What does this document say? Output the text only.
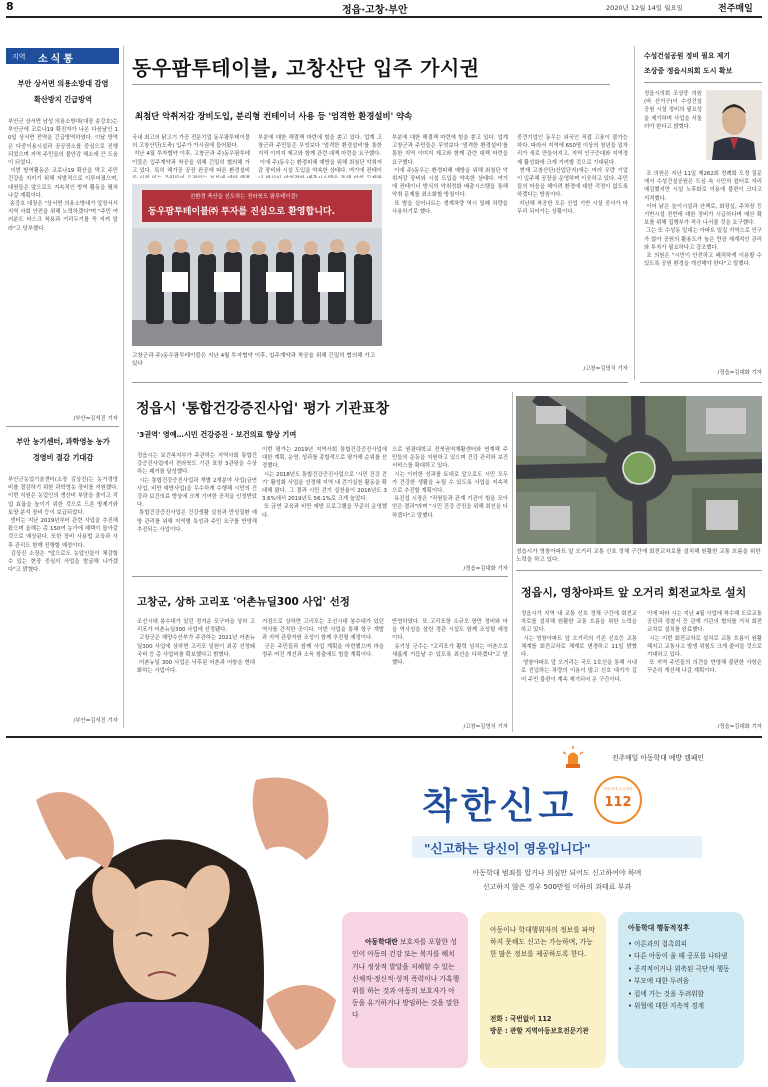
8	정읍·고창·부안	2020년 12월 14일 월요일	전주매일
지역 소식통
부안 상서면 의용소방대 감염 확산방지 긴급방역
부안군 상서면 남성 의용소방대(대장 송강호)는 부안군에 코로나19 확진자가 나온 다음날인 10일 상서면 전역을 긴급방역하였다. 이날 방역은 다중이용시설과 공공장소를 중심으로 진행되었으며 지역 주민들의 불안감 해소에 큰 도움이 되었다.
이번 방역활동은 코로나19 확산을 막고 주민 건강을 지키기 위해 자발적으로 이루어졌으며, 대원들은 앞으로도 지속적인 방역 활동을 펼쳐 나갈 계획이다.
송강호 대장은 "상서면 의용소방대가 앞장서서 지역 사회 안전을 위해 노력하겠다"며 "주민 여러분도 마스크 착용과 거리두기를 꼭 지켜 달라"고 당부했다.
/부안=김석진 기자
부안 농기센터, 과학영농 농가 경영비 절감 기대감
부안군농업기술센터(소장 김상진)는 농가경영비를 절감하기 위한 과학영농 장비를 지원했다. 이번 지원은 농업인의 생산비 부담을 줄이고 작업 효율을 높이기 위한 것으로 드론 방제기와 토양 분석 장비 등이 보급되었다.
센터는 지난 2019년부터 관련 사업을 추진해 왔으며 올해는 총 150여 농가에 혜택이 돌아갈 것으로 예상된다. 또한 장비 사용법 교육과 사후 관리도 함께 진행할 예정이다.
김상진 소장은 "앞으로도 농업인들이 체감할 수 있는 현장 중심의 사업을 발굴해 나가겠다"고 밝혔다.
/부안=김석진 기자
동우팜투테이블, 고창산단 입주 가시권
최첨단 악취저감 장비도입, 분리형 컨테이너 사용 등 '엄격한 환경설비' 약속
국내 최고의 닭고기 가공 전문기업 동우팜투테이블의 고창산단(도축) 입주가 가시권에 들어왔다.
지난 4월 투자협약 이후, 고창군과 주)동우팜투테이블은 입주계약과 착공을 위해 긴밀히 협의해 가고 있다. 특히 해가공 공장 완공에 따른 환경설비
친환경 축산을 선도하는 전라북도 팜투테이블!
동우팜투테이블㈜ 투자를 진심으로 환영합니다.
고창군과 주)동우팜투테이블은 지난 4월 투자협약 이후, 입주계약과 착공을 위해 긴밀히 협의해 가고 있다
부분에 대한 해결책 마련에 힘을 쏟고 있다. 업계 고창군과 주민들은 무엇보다 '엄격한 환경설비'를 통한 지역 이미지 제고와 함께 관련 대책 마련을 요구했다.
이에 주)동우는 환경피해 예방을 위해 최첨단 악취저감 장비와 시설 도입을 약속한 상태다. 여기에 컨테이

부분에 대한 해결책 마련에 힘을 쏟고 있다. 업계 고창군과 주민들은 무엇보다 '엄격한 환경설비'를 통한 지역 이미지 제고와 함께 관련 대책 마련을 요구했다.
이에 주)동우는 환경피해 예방을 위해 최첨단 악취저감 장비와 시설 도입을 약속한 상태다. 여기에 컨테이너 방식의 악취정화 배출시스템을 통해 악취 문제를 최소화할 방침이다.
또 밤을 실어나르는 생계차량 역시 밀폐 차량을 사용하기로 했다.
중견기업인 동우는 외국인 직접 고용이 불가능하다. 따라서 지역에 650명 이상의 청년들 일자리가 새로 만들어지고, 지역 인구증대와 지역경제 활성화에 크게 기여할 것으로 기대된다.
현재 고창산단(산업단지)에는 여러 우량 기업이 입주해 공장을 운영하며 이웃하고 있다. 주민들의 마음을 헤아려 환경에 대한 걱정이 없도록 하겠다는 방침이다.
지난해 착공한 모든 산업 기반 시설 공사가 마무리 되어가는 상황이다.
/고창=김영식 기자
수성건설공원 정비 필요 제기
조상중 정읍시의회 도시 확보
정읍시의회 조상중 의원(바 선거구)이 수성건설공원 시설 정비의 필요성을 제기하며 사업을 서둘러야 한다고 밝혔다.
조 의원은 지난 11일 제262회 정례회 도정 질문에서 수성건설공원은 도심 속 시민의 쉼터로 자리매김했지만 시설 노후화로 이용에 불편이 크다고 지적했다.
이어 낡은 놀이시설과 산책로, 화장실, 주차장 등 기반시설 전반에 대한 정비가 시급하다며 예산 확보를 위해 집행부가 적극 나서줄 것을 요구했다.
그는 또 수성동 일대는 아파트 밀집 지역으로 인구가 많아 공원의 활용도가 높은 만큼 체계적인 관리와 투자가 필요하다고 강조했다.
조 의원은 "시민이 안전하고 쾌적하게 이용할 수 있도록 공원 환경을 개선해야 한다"고 말했다.
/정읍=김대화 기자
정읍시 '통합건강증진사업' 평가 기관표창
'3권역' 영예…시민 건강증진 · 보건의료 향상 기여
정읍시는 보건복지부가 주관하는 지역사회 통합건강증진사업에서 전라북도 기관 표창 3관왕을 수상하는 쾌거를 달성했다.
시는 통합건강증진사업과 개별 2개분야 사업(금연사업, 비만 예방사업)을 우수하게 수행해 시민의 건강과 보건의료 향상에 크게 기여한 공적을 인정받았다.
통합건강증진사업은 건강생활 실천과 만성질환 예방 관리를 위해 지역별 특성과 주민 요구를 반영해 추진되는 사업이다.
이번 평가는 2019년 지역사회 통합건강증진사업에 대한 계획, 운영, 성과를 종합적으로 평가해 순위를 선정했다.
시는 2018년도 통합건강증진사업으로 '시민 건강 걷기' 활성화 사업을 선정해 지역 내 걷기실천 활동을 확대해 왔다. 그 결과 시민 걷기 실천율이 2016년도 33.6%에서 2019년도 56.1%로 크게 늘었다.
또 금연 교육과 비만 예방 프로그램을 꾸준히 운영했다.
으로 원광대학교 전북권역재활센터와 연계해 주민들의 운동을 지원하고 있으며 건강 관리와 보건서비스를 확대하고 있다.
시는 이러한 성과를 토대로 앞으로도 시민 모두가 건강한 생활을 누릴 수 있도록 사업을 지속적으로 추진할 계획이다.
유진섭 시장은 "직원들과 관계 기관이 힘을 모아 얻은 결과"라며 "시민 건강 증진을 위해 최선을 다하겠다"고 말했다.
/정읍=김대화 기자
정읍시가 영창아파트 앞 오거리 교통 신호 정체 구간에 회전교차로를 설치해 원활한 교통 흐름을 위한 노력을 하고 있다.
정읍시, 영창아파트 앞 오거리 회전교차로 설치
정읍시가 지역 내 교통 신호 정체 구간에 회전교차로를 설치해 원활한 교통 흐름을 위한 노력을 하고 있다.
시는 영창아파트 앞 오거리의 기존 신호등 교통체계를 회전교차로 체계로 변경하고 11일 밝혔다.
영창아파트 앞 오거리는 국도 1호선을 통해 시내로 진입하는 차량의 이용이 많고 신호 대기가 길어 주민 불편이 계속 제기되어 온 구간이다.
이에 따라 시는 지난 4월 사업에 착수해 도로교통공단과 경찰서 등 관계 기관의 협의를 거쳐 회전교차로 설치를 완료했다.
시는 이번 회전교차로 설치로 교통 흐름이 원활해지고 교통사고 발생 위험도 크게 줄어들 것으로 기대하고 있다.
또 지역 주민들의 의견을 반영해 불편한 사항은 꾸준히 개선해 나갈 계획이다.
/정읍=김대화 기자
고창군, 상하 고리포 '어촌뉴딜300 사업' 선정
조선시대 봉수대가 있던 정겨운 포구마을 상하 고리포가 어촌뉴딜300 사업에 선정됐다.
고창군은 해양수산부가 주관하는 2021년 어촌뉴딜300 사업에 상하면 고리포 일원이 최종 선정돼 국비 등 총 사업비를 확보했다고 밝혔다.
어촌뉴딜 300 사업은 낙후된 어촌과 어항을 현대화하는 사업이다.
거점으로 상하면 고리포는 조선시대 봉수대가 있던 역사를 간직한 곳이다. 이번 사업을 통해 항구 개발과 지역 관광자원 조성이 함께 추진될 예정이다.
군은 주민들과 함께 사업 계획을 마련했으며 마을 정주 여건 개선과 소득 창출에도 힘쓸 계획이다.
반영하였다. 또 고리포항 소규모 항만 정비와 마을 역사성을 살린 경관 시설도 함께 조성될 예정이다.
유기상 군수는 "고리포가 활력 넘치는 어촌으로 새롭게 거듭날 수 있도록 최선을 다하겠다"고 말했다.
/고창=김영식 기자
전주매일 아동학대 예방 캠페인
착한신고	아동학대 신고전화
112
"신고하는 당신이 영웅입니다"
아동학대 범죄를 알거나 의심만 되어도 신고하여야 하며
신고하지 않은 경우 500만원 이하의 과태료 부과

아동학대란 보호자를 포함한 성인이 아동의 건강 또는 복지를 해치거나 정상적 발달을 저해할 수 있는 신체적·정신적·성적 폭력이나 가혹행위를 하는 것과 아동의 보호자가 아동을 유기하거나 방임하는 것을 말한다

아동이나 학대행위자의 정보를 파악하지 못해도 신고는 가능하며, 가능한 많은 정보를 제공하도록 한다.
전화 : 국번없이 112
방문 : 관할 지역아동보호전문기관
아동학대 행동적징후
• 이른과의 접촉회피
• 다른 아동이 울 때 공포를 나타냄
• 공격적이거나 위축된 극단적 행동
• 부모에 대한 두려움
• 집에 가는 것을 두려워함
• 위협에 대한 지속적 경계
